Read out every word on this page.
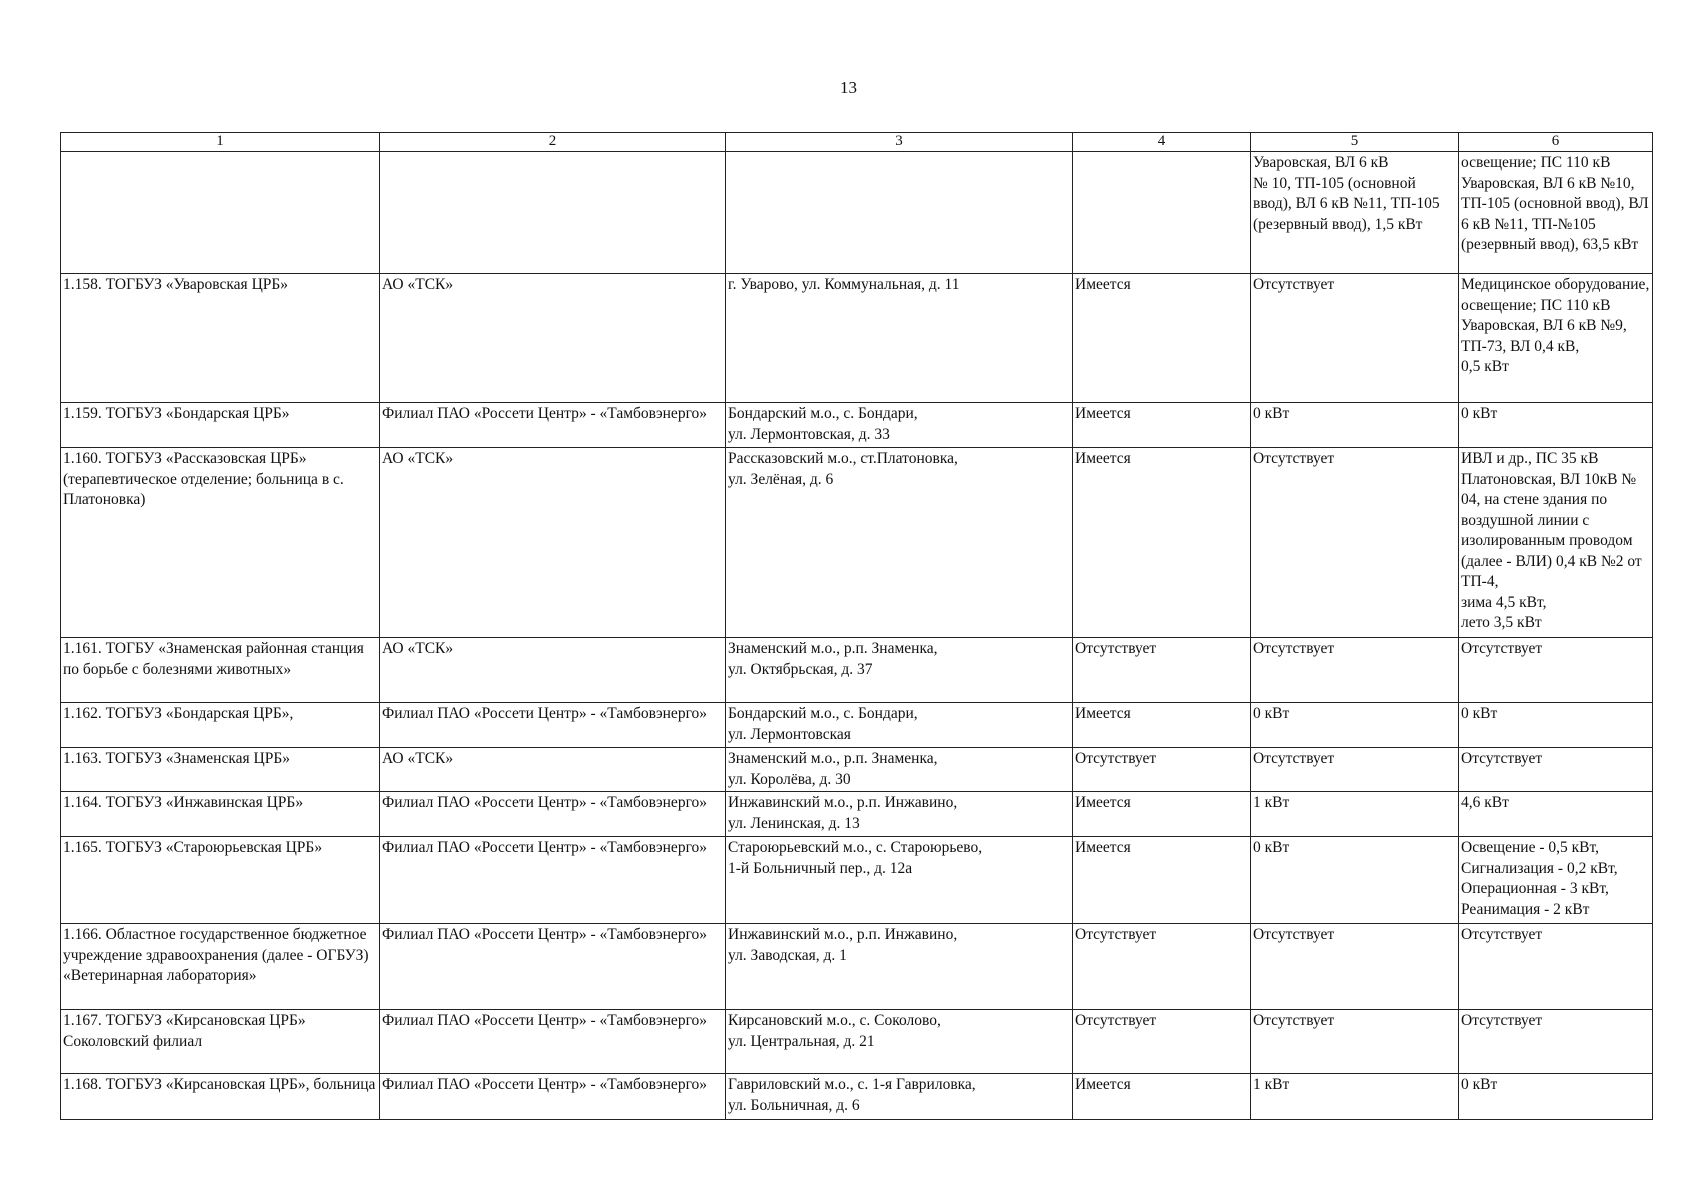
13
1	2	3	4	5	6
				Уваровская, ВЛ 6 кВ
№ 10, ТП-105 (основной ввод), ВЛ 6 кВ №11, ТП-105 (резервный ввод), 1,5 кВт	освещение; ПС 110 кВ Уваровская, ВЛ 6 кВ №10, ТП-105 (основной ввод), ВЛ 6 кВ №11, ТП-№105 (резервный ввод), 63,5 кВт
1.158. ТОГБУЗ «Уваровская ЦРБ»	АО «ТСК»	г. Уварово, ул. Коммунальная, д. 11	Имеется	Отсутствует	Медицинское оборудование, освещение; ПС 110 кВ Уваровская, ВЛ 6 кВ №9, ТП-73, ВЛ 0,4 кВ,
0,5 кВт
1.159. ТОГБУЗ «Бондарская ЦРБ»	Филиал ПАО «Россети Центр» - «Тамбовэнерго»	Бондарский м.о., с. Бондари,
ул. Лермонтовская, д. 33	Имеется	0 кВт	0 кВт
1.160. ТОГБУЗ «Рассказовская ЦРБ» (терапевтическое отделение; больница в с. Платоновка)	АО «ТСК»	Рассказовский м.о., ст.Платоновка,
ул. Зелёная, д. 6	Имеется	Отсутствует	ИВЛ и др., ПС 35 кВ Платоновская, ВЛ 10кВ № 04, на стене здания по воздушной линии с изолированным проводом (далее - ВЛИ) 0,4 кВ №2 от ТП-4,
зима 4,5 кВт,
лето 3,5 кВт
1.161. ТОГБУ «Знаменская районная станция по борьбе с болезнями животных»	АО «ТСК»	Знаменский м.о., р.п. Знаменка,
ул. Октябрьская, д. 37	Отсутствует	Отсутствует	Отсутствует
1.162. ТОГБУЗ «Бондарская ЦРБ»,	Филиал ПАО «Россети Центр» - «Тамбовэнерго»	Бондарский м.о., с. Бондари,
ул. Лермонтовская	Имеется	0 кВт	0 кВт
1.163. ТОГБУЗ «Знаменская ЦРБ»	АО «ТСК»	Знаменский м.о., р.п. Знаменка,
ул. Королёва, д. 30	Отсутствует	Отсутствует	Отсутствует
1.164. ТОГБУЗ «Инжавинская ЦРБ»	Филиал ПАО «Россети Центр» - «Тамбовэнерго»	Инжавинский м.о., р.п. Инжавино,
ул. Ленинская, д. 13	Имеется	1 кВт	4,6 кВт
1.165. ТОГБУЗ «Староюрьевская ЦРБ»	Филиал ПАО «Россети Центр» - «Тамбовэнерго»	Староюрьевский м.о., с. Староюрьево,
1-й Больничный пер., д. 12а	Имеется	0 кВт	Освещение - 0,5 кВт,
Сигнализация - 0,2 кВт,
Операционная - 3 кВт,
Реанимация - 2 кВт
1.166. Областное государственное бюджетное учреждение здравоохранения (далее - ОГБУЗ) «Ветеринарная лаборатория»	Филиал ПАО «Россети Центр» - «Тамбовэнерго»	Инжавинский м.о., р.п. Инжавино,
ул. Заводская, д. 1	Отсутствует	Отсутствует	Отсутствует
1.167. ТОГБУЗ «Кирсановская ЦРБ» Соколовский филиал	Филиал ПАО «Россети Центр» - «Тамбовэнерго»	Кирсановский м.о., с. Соколово,
ул. Центральная, д. 21	Отсутствует	Отсутствует	Отсутствует
1.168. ТОГБУЗ «Кирсановская ЦРБ», больница	Филиал ПАО «Россети Центр» - «Тамбовэнерго»	Гавриловский м.о., с. 1-я Гавриловка,
ул. Больничная, д. 6	Имеется	1 кВт	0 кВт
